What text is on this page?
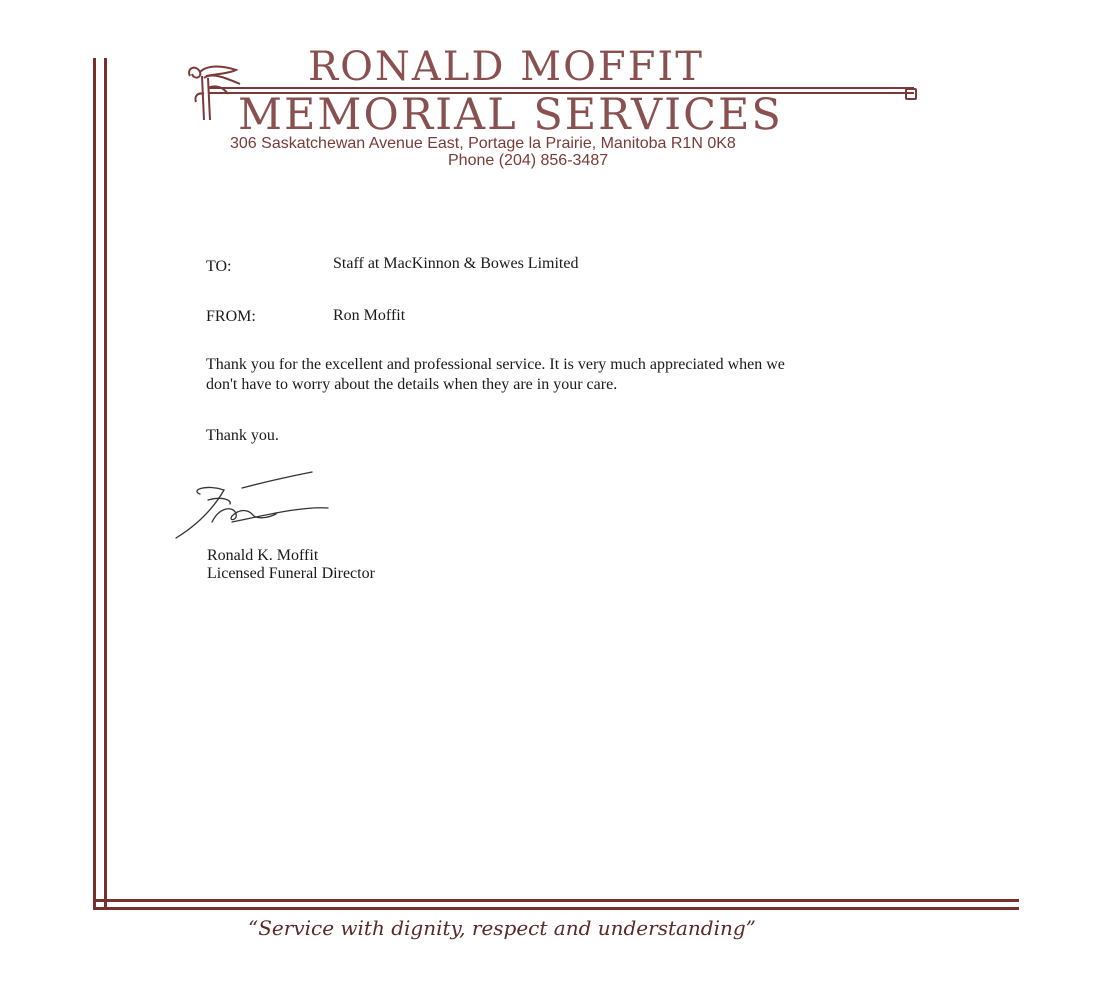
RONALD MOFFIT
MEMORIAL SERVICES
306 Saskatchewan Avenue East, Portage la Prairie, Manitoba R1N 0K8
Phone (204) 856-3487
TO:	Staff at MacKinnon & Bowes Limited
FROM:	Ron Moffit
Thank you for the excellent and professional service. It is very much appreciated when we
don't have to worry about the details when they are in your care.
Thank you.
Ronald K. Moffit
Licensed Funeral Director
“Service with dignity, respect and understanding”
